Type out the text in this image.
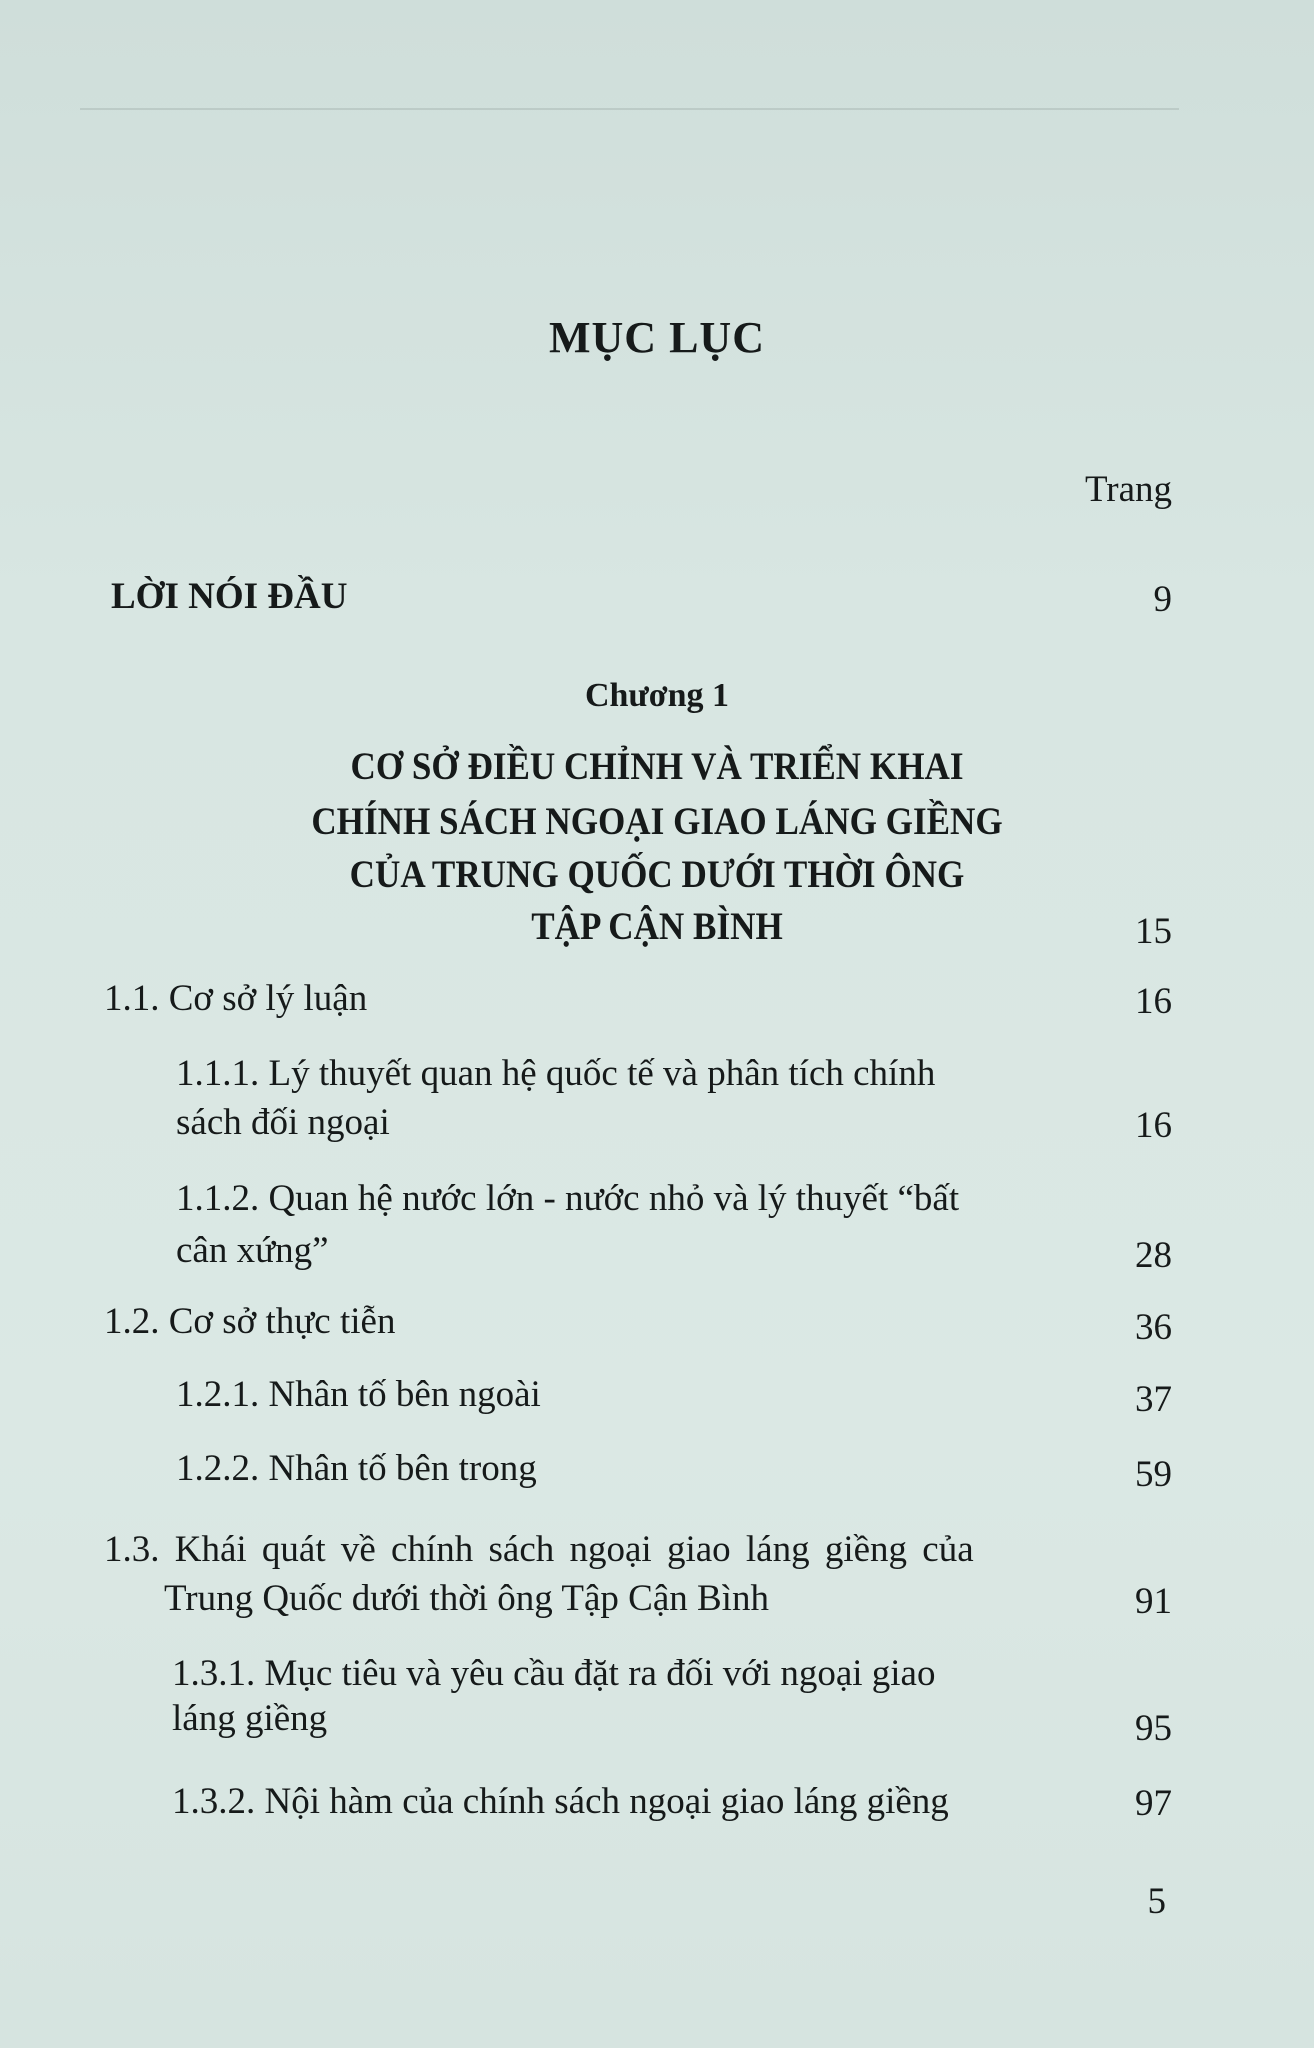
MỤC LỤC
Trang
LỜI NÓI ĐẦU	9
Chương 1
CƠ SỞ ĐIỀU CHỈNH VÀ TRIỂN KHAI
CHÍNH SÁCH NGOẠI GIAO LÁNG GIỀNG
CỦA TRUNG QUỐC DƯỚI THỜI ÔNG
TẬP CẬN BÌNH	15
1.1. Cơ sở lý luận	16
1.1.1. Lý thuyết quan hệ quốc tế và phân tích chính
sách đối ngoại	16
1.1.2. Quan hệ nước lớn - nước nhỏ và lý thuyết “bất
cân xứng”	28
1.2. Cơ sở thực tiễn	36
1.2.1. Nhân tố bên ngoài	37
1.2.2. Nhân tố bên trong	59
1.3. Khái quát về chính sách ngoại giao láng giềng của
Trung Quốc dưới thời ông Tập Cận Bình	91
1.3.1. Mục tiêu và yêu cầu đặt ra đối với ngoại giao
láng giềng	95
1.3.2. Nội hàm của chính sách ngoại giao láng giềng	97
5
